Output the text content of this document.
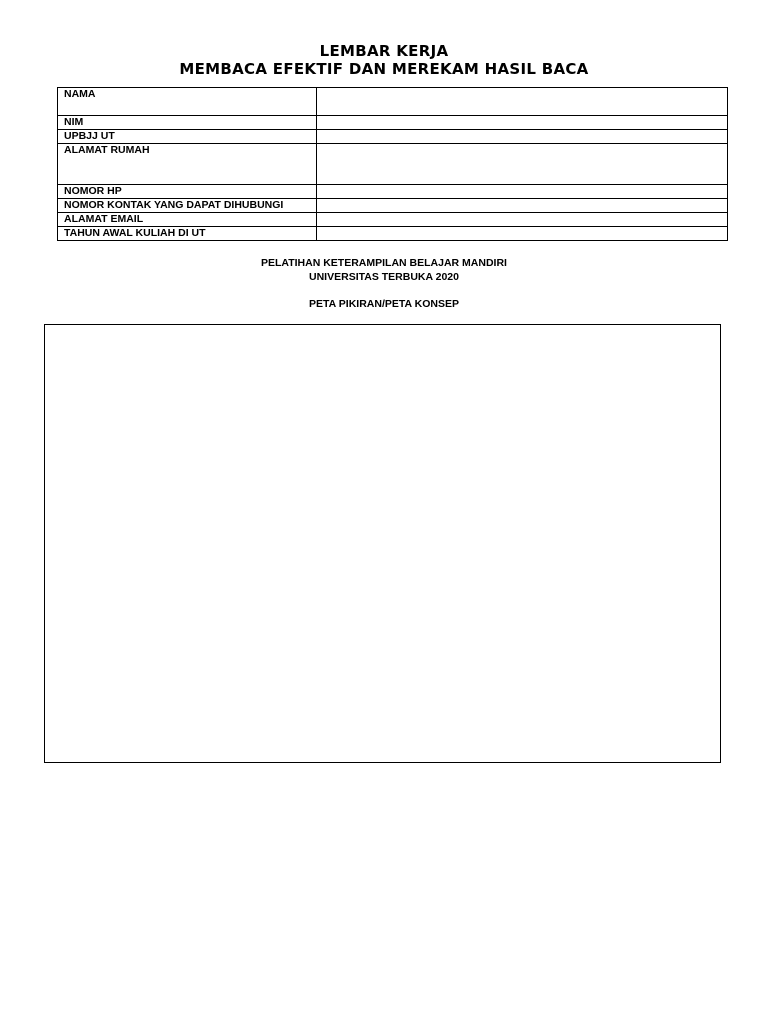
LEMBAR KERJA
MEMBACA EFEKTIF DAN MEREKAM HASIL BACA
NAMA	
NIM	
UPBJJ UT	
ALAMAT RUMAH	
NOMOR HP	
NOMOR KONTAK YANG DAPAT DIHUBUNGI	
ALAMAT EMAIL	
TAHUN AWAL KULIAH DI UT	

PELATIHAN KETERAMPILAN BELAJAR MANDIRI

UNIVERSITAS TERBUKA 2020

PETA PIKIRAN/PETA KONSEP
